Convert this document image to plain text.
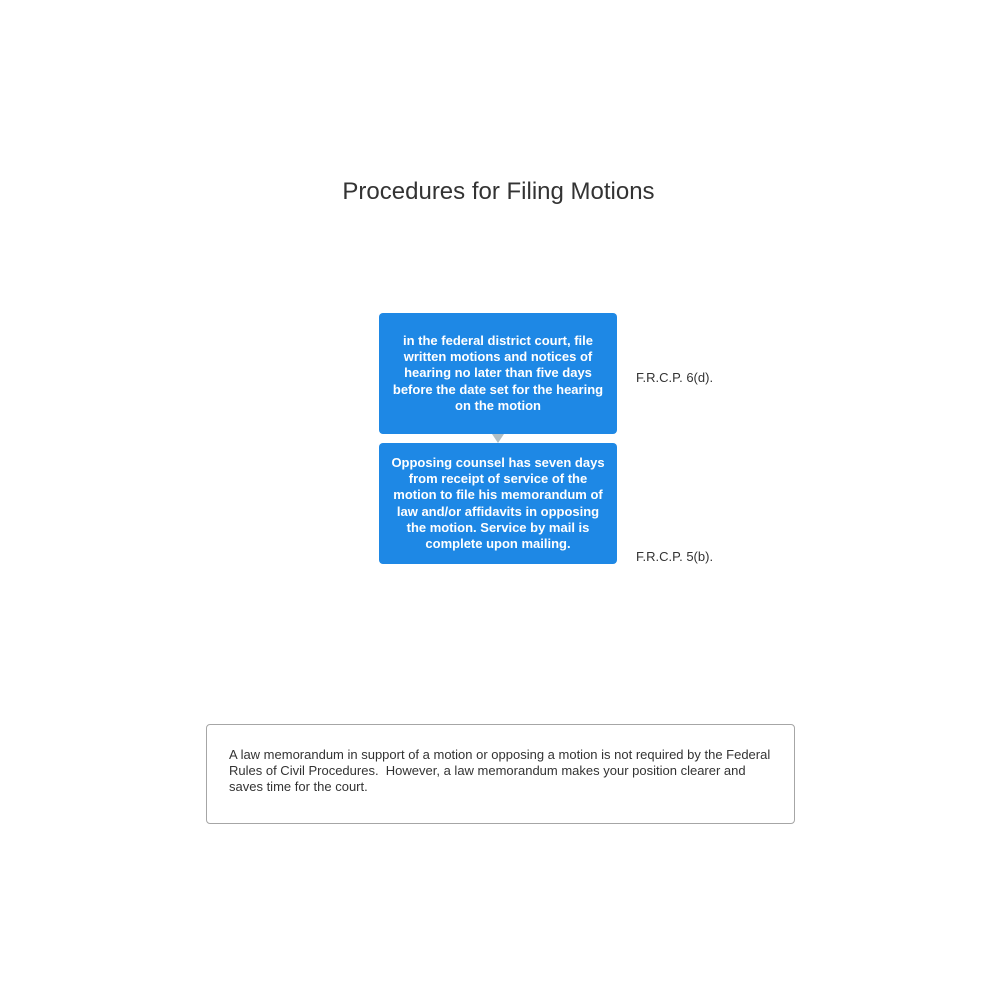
Procedures for Filing Motions
in the federal district court, file written motions and notices of hearing no later than five days before the date set for the hearing on the motion
Opposing counsel has seven days from receipt of service of the motion to file his memorandum of law and/or affidavits in opposing the motion. Service by mail is complete upon mailing.
F.R.C.P. 6(d).
F.R.C.P. 5(b).
A law memorandum in support of a motion or opposing a motion is not required by the Federal Rules of Civil Procedures.  However, a law memorandum makes your position clearer and saves time for the court.
